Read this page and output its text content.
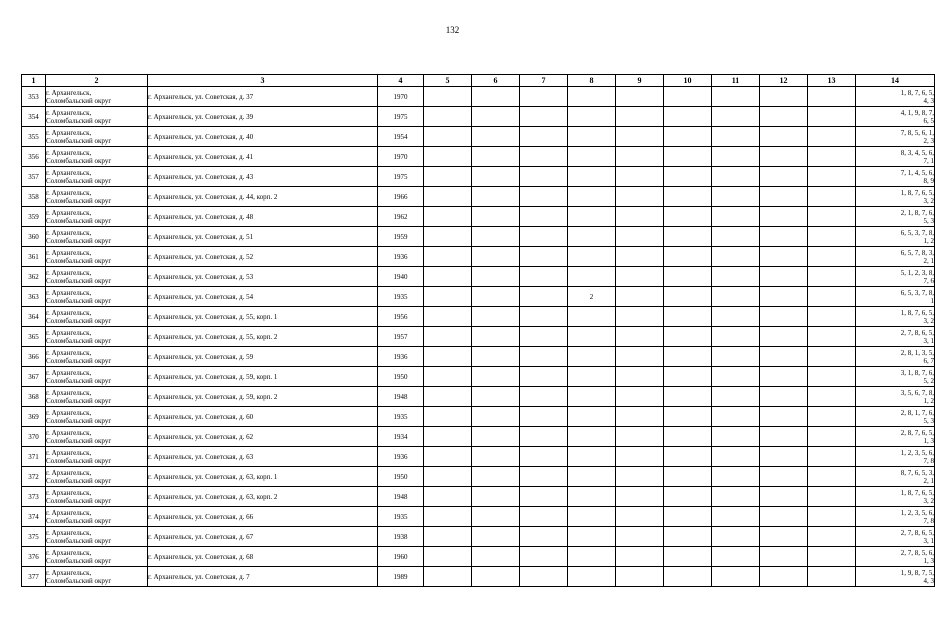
132
1	2	3	4	5	6	7	8	9	10	11	12	13	14
353	г. Архангельск,
Соломбальский округ	г. Архангельск, ул. Советская, д. 37	1970										1, 8, 7, 6, 5,
4, 3

354	г. Архангельск,
Соломбальский округ	г. Архангельск, ул. Советская, д. 39	1975										4, 1, 9, 8, 7,
6, 5

355	г. Архангельск,
Соломбальский округ	г. Архангельск, ул. Советская, д. 40	1954										7, 8, 5, 6, 1,
2, 3

356	г. Архангельск,
Соломбальский округ	г. Архангельск, ул. Советская, д. 41	1970										8, 3, 4, 5, 6,
7, 1

357	г. Архангельск,
Соломбальский округ	г. Архангельск, ул. Советская, д. 43	1975										7, 1, 4, 5, 6,
8, 9

358	г. Архангельск,
Соломбальский округ	г. Архангельск, ул. Советская, д. 44, корп. 2	1966										1, 8, 7, 6, 5,
3, 2

359	г. Архангельск,
Соломбальский округ	г. Архангельск, ул. Советская, д. 48	1962										2, 1, 8, 7, 6,
5, 3

360	г. Архангельск,
Соломбальский округ	г. Архангельск, ул. Советская, д. 51	1959										6, 5, 3, 7, 8,
1, 2

361	г. Архангельск,
Соломбальский округ	г. Архангельск, ул. Советская, д. 52	1936										6, 5, 7, 8, 3,
2, 1

362	г. Архангельск,
Соломбальский округ	г. Архангельск, ул. Советская, д. 53	1940										5, 1, 2, 3, 8,
7, 6

363	г. Архангельск,
Соломбальский округ	г. Архангельск, ул. Советская, д. 54	1935				2						6, 5, 3, 7, 8,
1

364	г. Архангельск,
Соломбальский округ	г. Архангельск, ул. Советская, д. 55, корп. 1	1956										1, 8, 7, 6, 5,
3, 2

365	г. Архангельск,
Соломбальский округ	г. Архангельск, ул. Советская, д. 55, корп. 2	1957										2, 7, 8, 6, 5,
3, 1

366	г. Архангельск,
Соломбальский округ	г. Архангельск, ул. Советская, д. 59	1936										2, 8, 1, 3, 5,
6, 7

367	г. Архангельск,
Соломбальский округ	г. Архангельск, ул. Советская, д. 59, корп. 1	1950										3, 1, 8, 7, 6,
5, 2

368	г. Архангельск,
Соломбальский округ	г. Архангельск, ул. Советская, д. 59, корп. 2	1948										3, 5, 6, 7, 8,
1, 2

369	г. Архангельск,
Соломбальский округ	г. Архангельск, ул. Советская, д. 60	1935										2, 8, 1, 7, 6,
5, 3

370	г. Архангельск,
Соломбальский округ	г. Архангельск, ул. Советская, д. 62	1934										2, 8, 7, 6, 5,
1, 3

371	г. Архангельск,
Соломбальский округ	г. Архангельск, ул. Советская, д. 63	1936										1, 2, 3, 5, 6,
7, 8

372	г. Архангельск,
Соломбальский округ	г. Архангельск, ул. Советская, д. 63, корп. 1	1950										8, 7, 6, 5, 3,
2, 1

373	г. Архангельск,
Соломбальский округ	г. Архангельск, ул. Советская, д. 63, корп. 2	1948										1, 8, 7, 6, 5,
3, 2

374	г. Архангельск,
Соломбальский округ	г. Архангельск, ул. Советская, д. 66	1935										1, 2, 3, 5, 6,
7, 8

375	г. Архангельск,
Соломбальский округ	г. Архангельск, ул. Советская, д. 67	1938										2, 7, 8, 6, 5,
3, 1

376	г. Архангельск,
Соломбальский округ	г. Архангельск, ул. Советская, д. 68	1960										2, 7, 8, 5, 6,
1, 3

377	г. Архангельск,
Соломбальский округ	г. Архангельск, ул. Советская, д. 7	1989										1, 9, 8, 7, 5,
4, 3
